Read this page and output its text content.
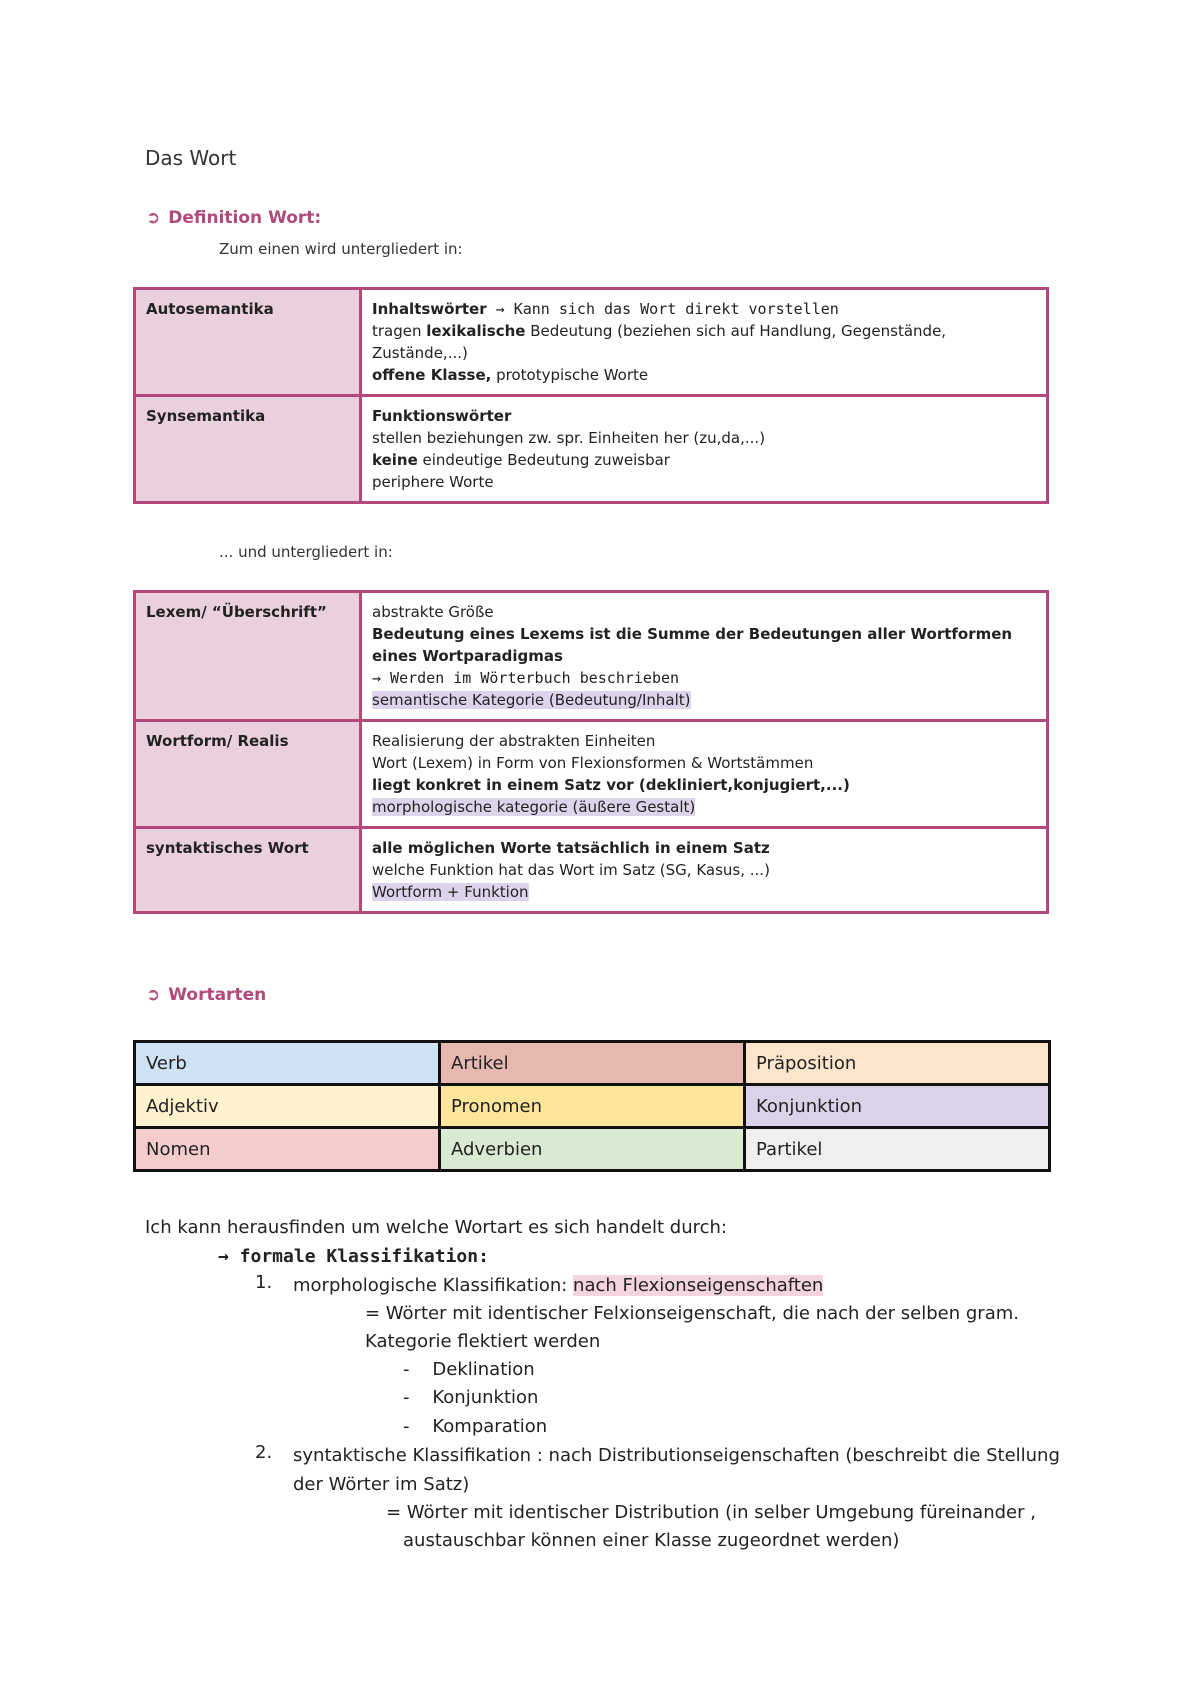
Das Wort
➲ Definition Wort:
Zum einen wird untergliedert in:
Autosemantika	Inhaltswörter → Kann sich das Wort direkt vorstellen
tragen lexikalische Bedeutung (beziehen sich auf Handlung, Gegenstände, Zustände,...)
offene Klasse, prototypische Worte

Synsemantika	Funktionswörter
stellen beziehungen zw. spr. Einheiten her (zu,da,...)
keine eindeutige Bedeutung zuweisbar
periphere Worte
... und untergliedert in:
Lexem/ “Überschrift”	abstrakte Größe
Bedeutung eines Lexems ist die Summe der Bedeutungen aller Wortformen eines Wortparadigmas
→ Werden im Wörterbuch beschrieben
semantische Kategorie (Bedeutung/Inhalt)

Wortform/ Realis	Realisierung der abstrakten Einheiten
Wort (Lexem) in Form von Flexionsformen & Wortstämmen
liegt konkret in einem Satz vor (dekliniert,konjugiert,...)
morphologische kategorie (äußere Gestalt)

syntaktisches Wort	alle möglichen Worte tatsächlich in einem Satz
welche Funktion hat das Wort im Satz (SG, Kasus, ...)
Wortform + Funktion
➲ Wortarten
Verb	Artikel	Präposition
Adjektiv	Pronomen	Konjunktion
Nomen	Adverbien	Partikel
Ich kann herausfinden um welche Wortart es sich handelt durch:
→ formale Klassifikation:
1. morphologische Klassifikation: nach Flexionseigenschaften
= Wörter mit identischer Felxionseigenschaft, die nach der selben gram.
Kategorie flektiert werden
-    Deklination
-    Konjunktion
-    Komparation
2. syntaktische Klassifikation : nach Distributionseigenschaften (beschreibt die Stellung
der Wörter im Satz)
= Wörter mit identischer Distribution (in selber Umgebung füreinander ,
austauschbar können einer Klasse zugeordnet werden)
